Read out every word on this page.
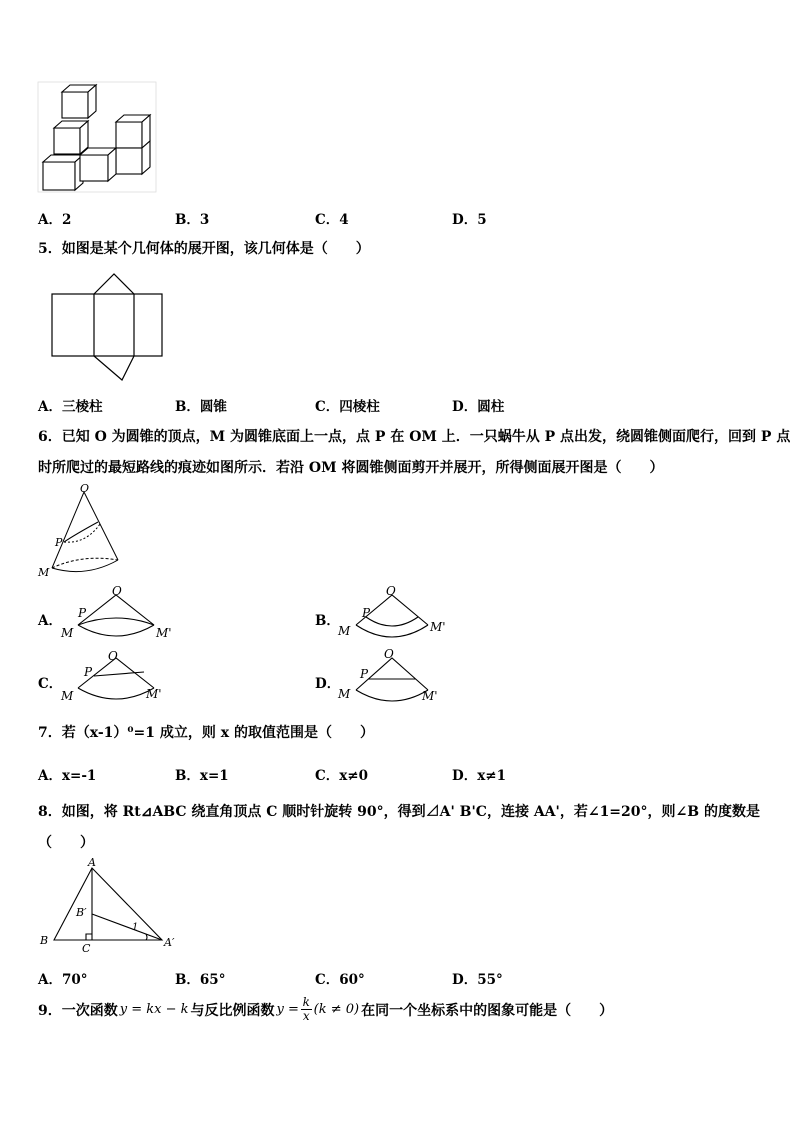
A．2	B．3	C．4	D．5
5．如图是某个几何体的展开图，该几何体是（　　）
A．三棱柱	B．圆锥	C．四棱柱	D．圆柱
6．已知 O 为圆锥的顶点，M 为圆锥底面上一点，点 P 在 OM 上．一只蜗牛从 P 点出发，绕圆锥侧面爬行，回到 P 点
时所爬过的最短路线的痕迹如图所示．若沿 OM 将圆锥侧面剪开并展开，所得侧面展开图是（　　）
O
P
M
A．
O
P
M	M'
B．
O
P
M	M'
C．
O
P
M	M'
D．
O
P
M	M'
7．若（x-1）⁰=1 成立，则 x 的取值范围是（　　）
A．x=-1	B．x=1	C．x≠0	D．x≠1
8．如图，将 Rt⊿ABC 绕直角顶点 C 顺时针旋转 90°，得到⊿A' B'C，连接 AA'，若∠1=20°，则∠B 的度数是
（　　）
A
B
C
B′
A′
1
A．70°	B．65°	C．60°	D．55°
9．一次函数 y = kx − k 与反比例函数 $y = \frac{k}{x} (k \ne 0)$ 在同一个坐标系中的图象可能是（　　）
